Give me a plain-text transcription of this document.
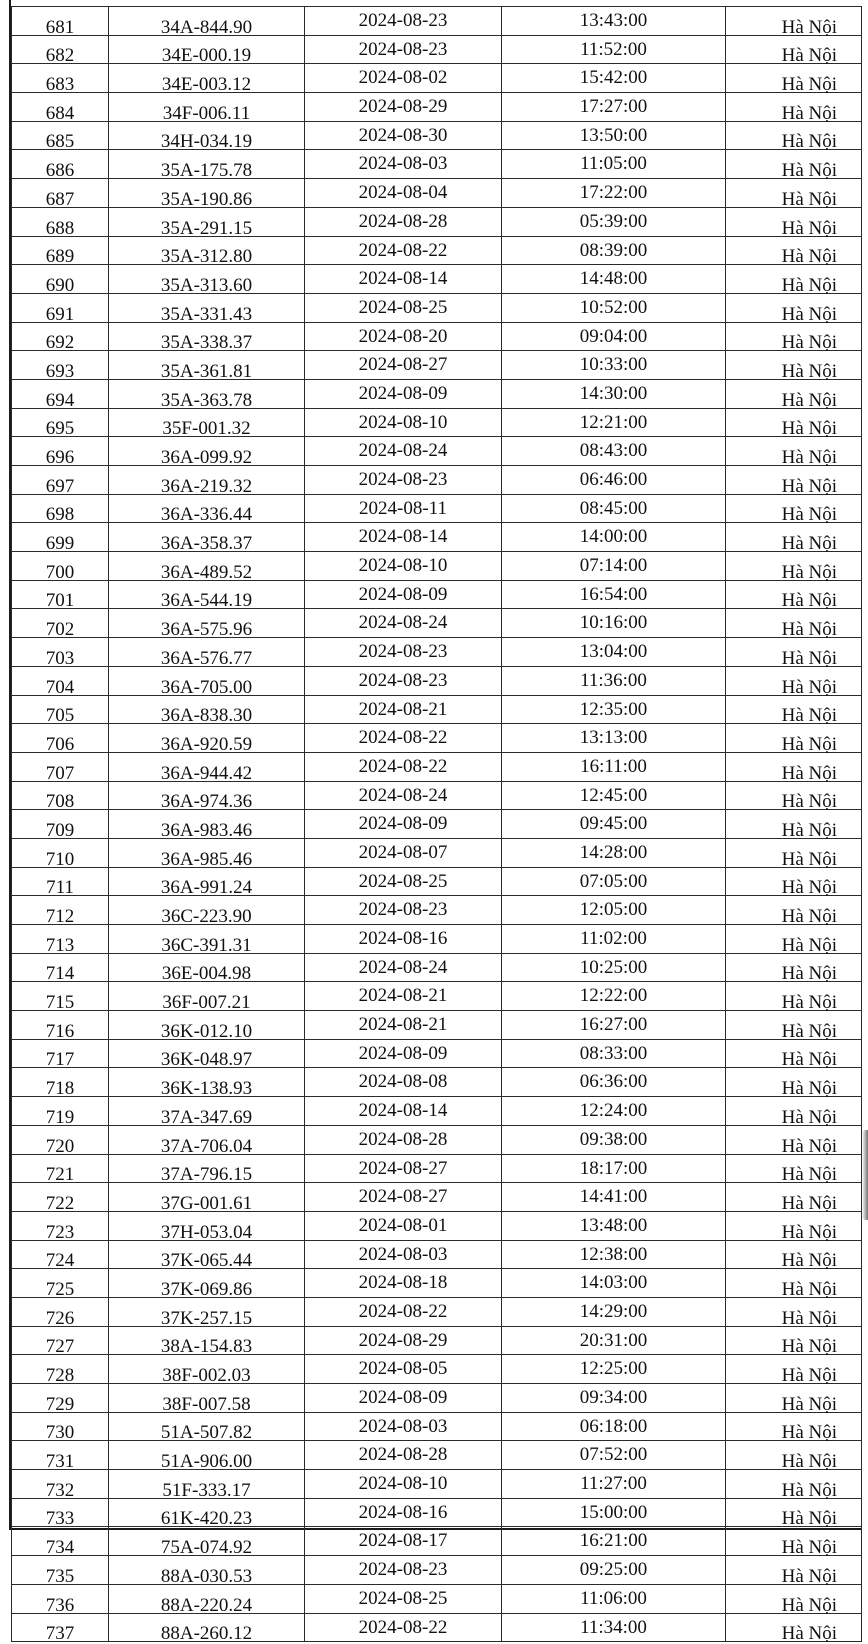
681	34A-844.90	2024-08-23	13:43:00	Hà Nội
682	34E-000.19	2024-08-23	11:52:00	Hà Nội
683	34E-003.12	2024-08-02	15:42:00	Hà Nội
684	34F-006.11	2024-08-29	17:27:00	Hà Nội
685	34H-034.19	2024-08-30	13:50:00	Hà Nội
686	35A-175.78	2024-08-03	11:05:00	Hà Nội
687	35A-190.86	2024-08-04	17:22:00	Hà Nội
688	35A-291.15	2024-08-28	05:39:00	Hà Nội
689	35A-312.80	2024-08-22	08:39:00	Hà Nội
690	35A-313.60	2024-08-14	14:48:00	Hà Nội
691	35A-331.43	2024-08-25	10:52:00	Hà Nội
692	35A-338.37	2024-08-20	09:04:00	Hà Nội
693	35A-361.81	2024-08-27	10:33:00	Hà Nội
694	35A-363.78	2024-08-09	14:30:00	Hà Nội
695	35F-001.32	2024-08-10	12:21:00	Hà Nội
696	36A-099.92	2024-08-24	08:43:00	Hà Nội
697	36A-219.32	2024-08-23	06:46:00	Hà Nội
698	36A-336.44	2024-08-11	08:45:00	Hà Nội
699	36A-358.37	2024-08-14	14:00:00	Hà Nội
700	36A-489.52	2024-08-10	07:14:00	Hà Nội
701	36A-544.19	2024-08-09	16:54:00	Hà Nội
702	36A-575.96	2024-08-24	10:16:00	Hà Nội
703	36A-576.77	2024-08-23	13:04:00	Hà Nội
704	36A-705.00	2024-08-23	11:36:00	Hà Nội
705	36A-838.30	2024-08-21	12:35:00	Hà Nội
706	36A-920.59	2024-08-22	13:13:00	Hà Nội
707	36A-944.42	2024-08-22	16:11:00	Hà Nội
708	36A-974.36	2024-08-24	12:45:00	Hà Nội
709	36A-983.46	2024-08-09	09:45:00	Hà Nội
710	36A-985.46	2024-08-07	14:28:00	Hà Nội
711	36A-991.24	2024-08-25	07:05:00	Hà Nội
712	36C-223.90	2024-08-23	12:05:00	Hà Nội
713	36C-391.31	2024-08-16	11:02:00	Hà Nội
714	36E-004.98	2024-08-24	10:25:00	Hà Nội
715	36F-007.21	2024-08-21	12:22:00	Hà Nội
716	36K-012.10	2024-08-21	16:27:00	Hà Nội
717	36K-048.97	2024-08-09	08:33:00	Hà Nội
718	36K-138.93	2024-08-08	06:36:00	Hà Nội
719	37A-347.69	2024-08-14	12:24:00	Hà Nội
720	37A-706.04	2024-08-28	09:38:00	Hà Nội
721	37A-796.15	2024-08-27	18:17:00	Hà Nội
722	37G-001.61	2024-08-27	14:41:00	Hà Nội
723	37H-053.04	2024-08-01	13:48:00	Hà Nội
724	37K-065.44	2024-08-03	12:38:00	Hà Nội
725	37K-069.86	2024-08-18	14:03:00	Hà Nội
726	37K-257.15	2024-08-22	14:29:00	Hà Nội
727	38A-154.83	2024-08-29	20:31:00	Hà Nội
728	38F-002.03	2024-08-05	12:25:00	Hà Nội
729	38F-007.58	2024-08-09	09:34:00	Hà Nội
730	51A-507.82	2024-08-03	06:18:00	Hà Nội
731	51A-906.00	2024-08-28	07:52:00	Hà Nội
732	51F-333.17	2024-08-10	11:27:00	Hà Nội
733	61K-420.23	2024-08-16	15:00:00	Hà Nội
734	75A-074.92	2024-08-17	16:21:00	Hà Nội
735	88A-030.53	2024-08-23	09:25:00	Hà Nội
736	88A-220.24	2024-08-25	11:06:00	Hà Nội
737	88A-260.12	2024-08-22	11:34:00	Hà Nội
